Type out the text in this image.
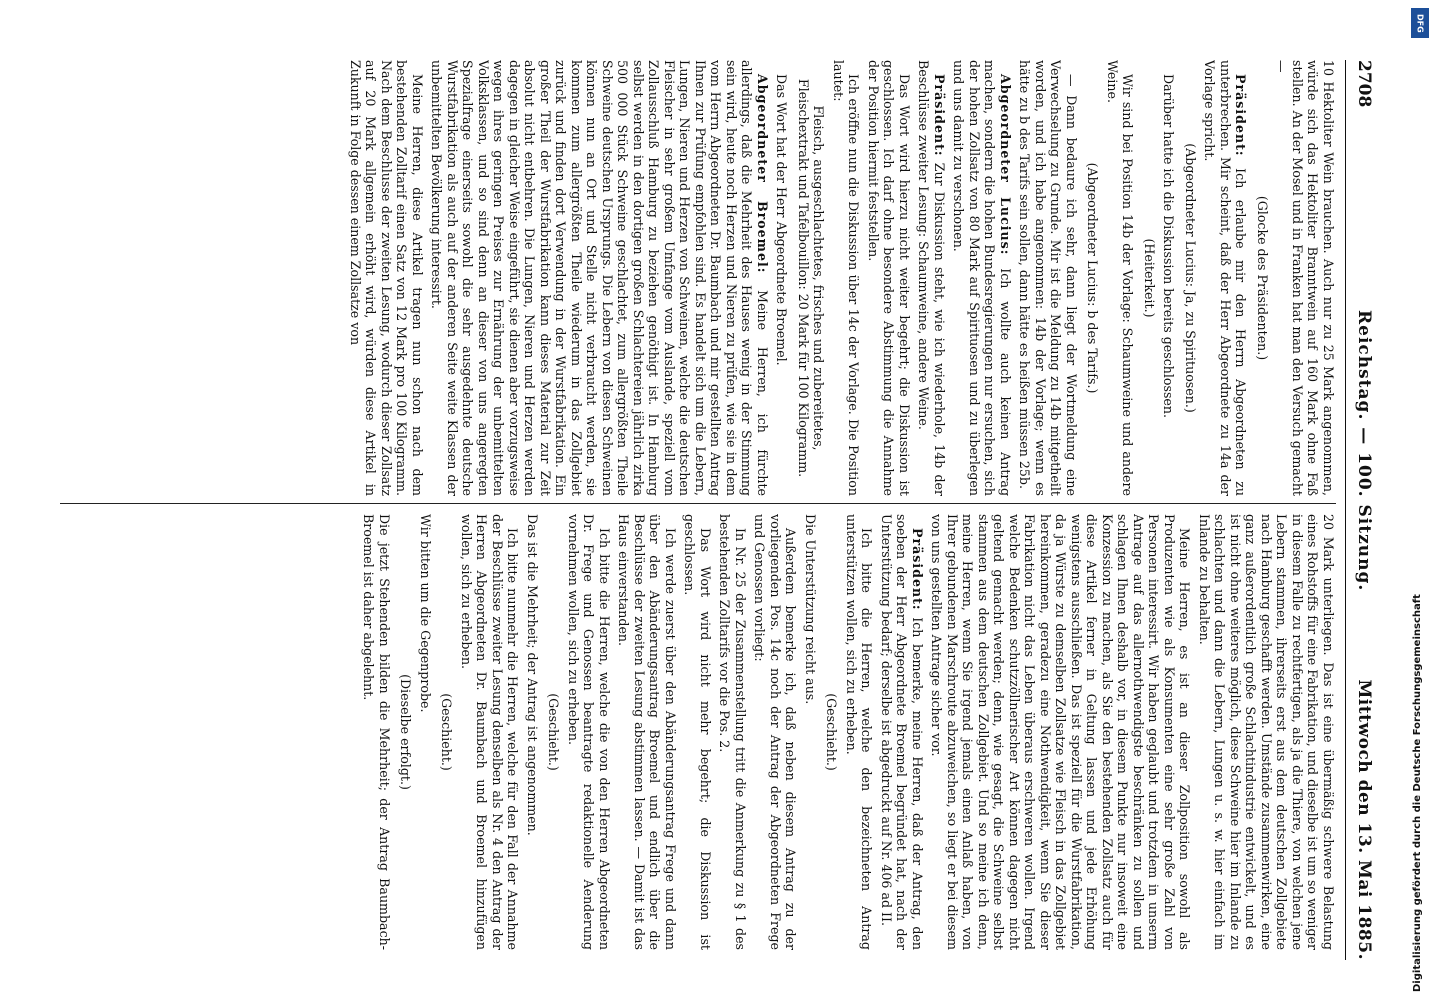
2708
Reichstag. — 100. Sitzung.
Mittwoch den 13. Mai 1885.
10 Hektoliter Wein brauchen. Auch nur zu 25 Mark angenommen, würde sich das Hektoliter Branntwein auf 160 Mark ohne Faß stellen. An der Mosel und in Franken hat man den Versuch gemacht —
(Glocke des Präsidenten.)
Präsident: Ich erlaube mir den Herrn Abgeordneten zu unterbrechen. Mir scheint, daß der Herr Abgeordnete zu 14a der Vorlage spricht.
(Abgeordneter Lucius: Ja, zu Spirituosen.)
Darüber hatte ich die Diskussion bereits geschlossen.
(Heiterkeit.)
Wir sind bei Position 14b der Vorlage: Schaumweine und andere Weine.
(Abgeordneter Lucius: b des Tarifs.)
— Dann bedaure ich sehr, dann liegt der Wortmeldung eine Verwechselung zu Grunde. Mir ist die Meldung zu 14b mitgetheilt worden, und ich habe angenommen: 14b der Vorlage; wenn es hätte zu b des Tarifs sein sollen, dann hätte es heißen müssen 25b.
Abgeordneter Lucius: Ich wollte auch keinen Antrag machen, sondern die hohen Bundesregierungen nur ersuchen, sich der hohen Zollsatz von 80 Mark auf Spirituosen und zu überlegen und uns damit zu verschonen.
Präsident: Zur Diskussion steht, wie ich wiederhole, 14b der Beschlüsse zweiter Lesung: Schaumweine, andere Weine.
Das Wort wird hierzu nicht weiter begehrt; die Diskussion ist geschlossen. Ich darf ohne besondere Abstimmung die Annahme der Position hiermit feststellen.
Ich eröffne nun die Diskussion über 14c der Vorlage. Die Position lautet:
Fleisch, ausgeschlachtetes, frisches und zubereitetes, Fleischextrakt und Tafelbouillon: 20 Mark für 100 Kilogramm.
Das Wort hat der Herr Abgeordnete Broemel.
Abgeordneter Broemel: Meine Herren, ich fürchte allerdings, daß die Mehrheit des Hauses wenig in der Stimmung sein wird, heute noch Herzen und Nieren zu prüfen, wie sie in dem vom Herrn Abgeordneten Dr. Baumbach und mir gestellten Antrag Ihnen zur Prüfung empfohlen sind. Es handelt sich um die Lebern, Lungen, Nieren und Herzen von Schweinen, welche die deutschen Fleischer in sehr großem Umfange vom Auslande, speziell vom Zollausschluß Hamburg zu beziehen genöthigt ist. In Hamburg selbst werden in den dortigen großen Schlachtereien jährlich zirka 500 000 Stück Schweine geschlachtet, zum allergrößten Theile Schweine deutschen Ursprungs. Die Lebern von diesen Schweinen können nun an Ort und Stelle nicht verbraucht werden, sie kommen zum allergrößten Theile wiederum in das Zollgebiet zurück und finden dort Verwendung in der Wurstfabrikation. Ein großer Theil der Wurstfabrikation kann dieses Material zur Zeit absolut nicht entbehren. Die Lungen, Nieren und Herzen werden dagegen in gleicher Weise eingeführt, sie dienen aber vorzugsweise wegen ihres geringen Preises zur Ernährung der unbemittelten Volksklassen, und so sind denn an dieser von uns angeregten Spezialfrage einerseits sowohl die sehr ausgedehnte deutsche Wurstfabrikation als auch auf der anderen Seite weite Klassen der unbemittelten Bevölkerung interessirt.
Meine Herren, diese Artikel tragen nun schon nach dem bestehenden Zolltarif einen Satz von 12 Mark pro 100 Kilogramm. Nach dem Beschlusse der zweiten Lesung, wodurch dieser Zollsatz auf 20 Mark allgemein erhöht wird, würden diese Artikel in Zukunft in Folge dessen einem Zollsatze von
20 Mark unterliegen. Das ist eine übermäßig schwere Belastung eines Rohstoffs für eine Fabrikation, und dieselbe ist um so weniger in diesem Falle zu rechtfertigen, als ja die Thiere, von welchen jene Lebern stammen, ihrerseits erst aus dem deutschen Zollgebiete nach Hamburg geschafft werden. Umstände zusammenwirken, eine ganz außerordentlich große Schlachtindustrie entwickelt, und es ist nicht ohne weiteres möglich, diese Schweine hier im Inlande zu schlachten und dann die Lebern, Lungen u. s. w. hier einfach im Inlande zu behalten.
Meine Herren, es ist an dieser Zollposition sowohl als Produzenten wie als Konsumenten eine sehr große Zahl von Personen interessirt. Wir haben geglaubt und trotzdem in unserm Antrage auf das allernothwendigste beschränken zu sollen und schlagen Ihnen deshalb vor, in diesem Punkte nur insoweit eine Konzession zu machen, als Sie den bestehenden Zollsatz auch für diese Artikel ferner in Geltung lassen und jede Erhöhung wenigstens ausschließen. Das ist speziell für die Wurstfabrikation, da ja Würste zu demselben Zollsatze wie Fleisch in das Zollgebiet hereinkommen, geradezu eine Nothwendigkeit, wenn Sie dieser Fabrikation nicht das Leben überaus erschweren wollen. Irgend welche Bedenken schutzzöllnerischer Art können dagegen nicht geltend gemacht werden; denn, wie gesagt, die Schweine selbst stammen aus dem deutschen Zollgebiet. Und so meine ich denn, meine Herren, wenn Sie irgend jemals einen Anlaß haben, von Ihrer gebundenen Marschroute abzuweichen, so liegt er bei diesem von uns gestellten Antrage sicher vor.
Präsident: Ich bemerke, meine Herren, daß der Antrag, den soeben der Herr Abgeordnete Broemel begründet hat, nach der Unterstützung bedarf; derselbe ist abgedruckt auf Nr. 406 ad II.
Ich bitte die Herren, welche den bezeichneten Antrag unterstützen wollen, sich zu erheben.
(Geschieht.)
Die Unterstützung reicht aus.
Außerdem bemerke ich, daß neben diesem Antrag zu der vorliegenden Pos. 14c noch der Antrag der Abgeordneten Frege und Genossen vorliegt:
In Nr. 25 der Zusammenstellung tritt die Anmerkung zu § 1 des bestehenden Zolltarifs vor die Pos. 2.
Das Wort wird nicht mehr begehrt; die Diskussion ist geschlossen.
Ich werde zuerst über den Abänderungsantrag Frege und dann über den Abänderungsantrag Broemel und endlich über die Beschlüsse der zweiten Lesung abstimmen lassen. — Damit ist das Haus einverstanden.
Ich bitte die Herren, welche die von den Herren Abgeordneten Dr. Frege und Genossen beantragte redaktionelle Aenderung vornehmen wollen, sich zu erheben.
(Geschieht.)
Das ist die Mehrheit; der Antrag ist angenommen.
Ich bitte nunmehr die Herren, welche für den Fall der Annahme der Beschlüsse zweiter Lesung denselben als Nr. 4 den Antrag der Herren Abgeordneten Dr. Baumbach und Broemel hinzufügen wollen, sich zu erheben.
(Geschieht.)
Wir bitten um die Gegenprobe.
(Dieselbe erfolgt.)
Die jetzt Stehenden bilden die Mehrheit; der Antrag Baumbach-Broemel ist daher abgelehnt.
DFG
Digitalisierung gefördert durch die Deutsche Forschungsgemeinschaft
